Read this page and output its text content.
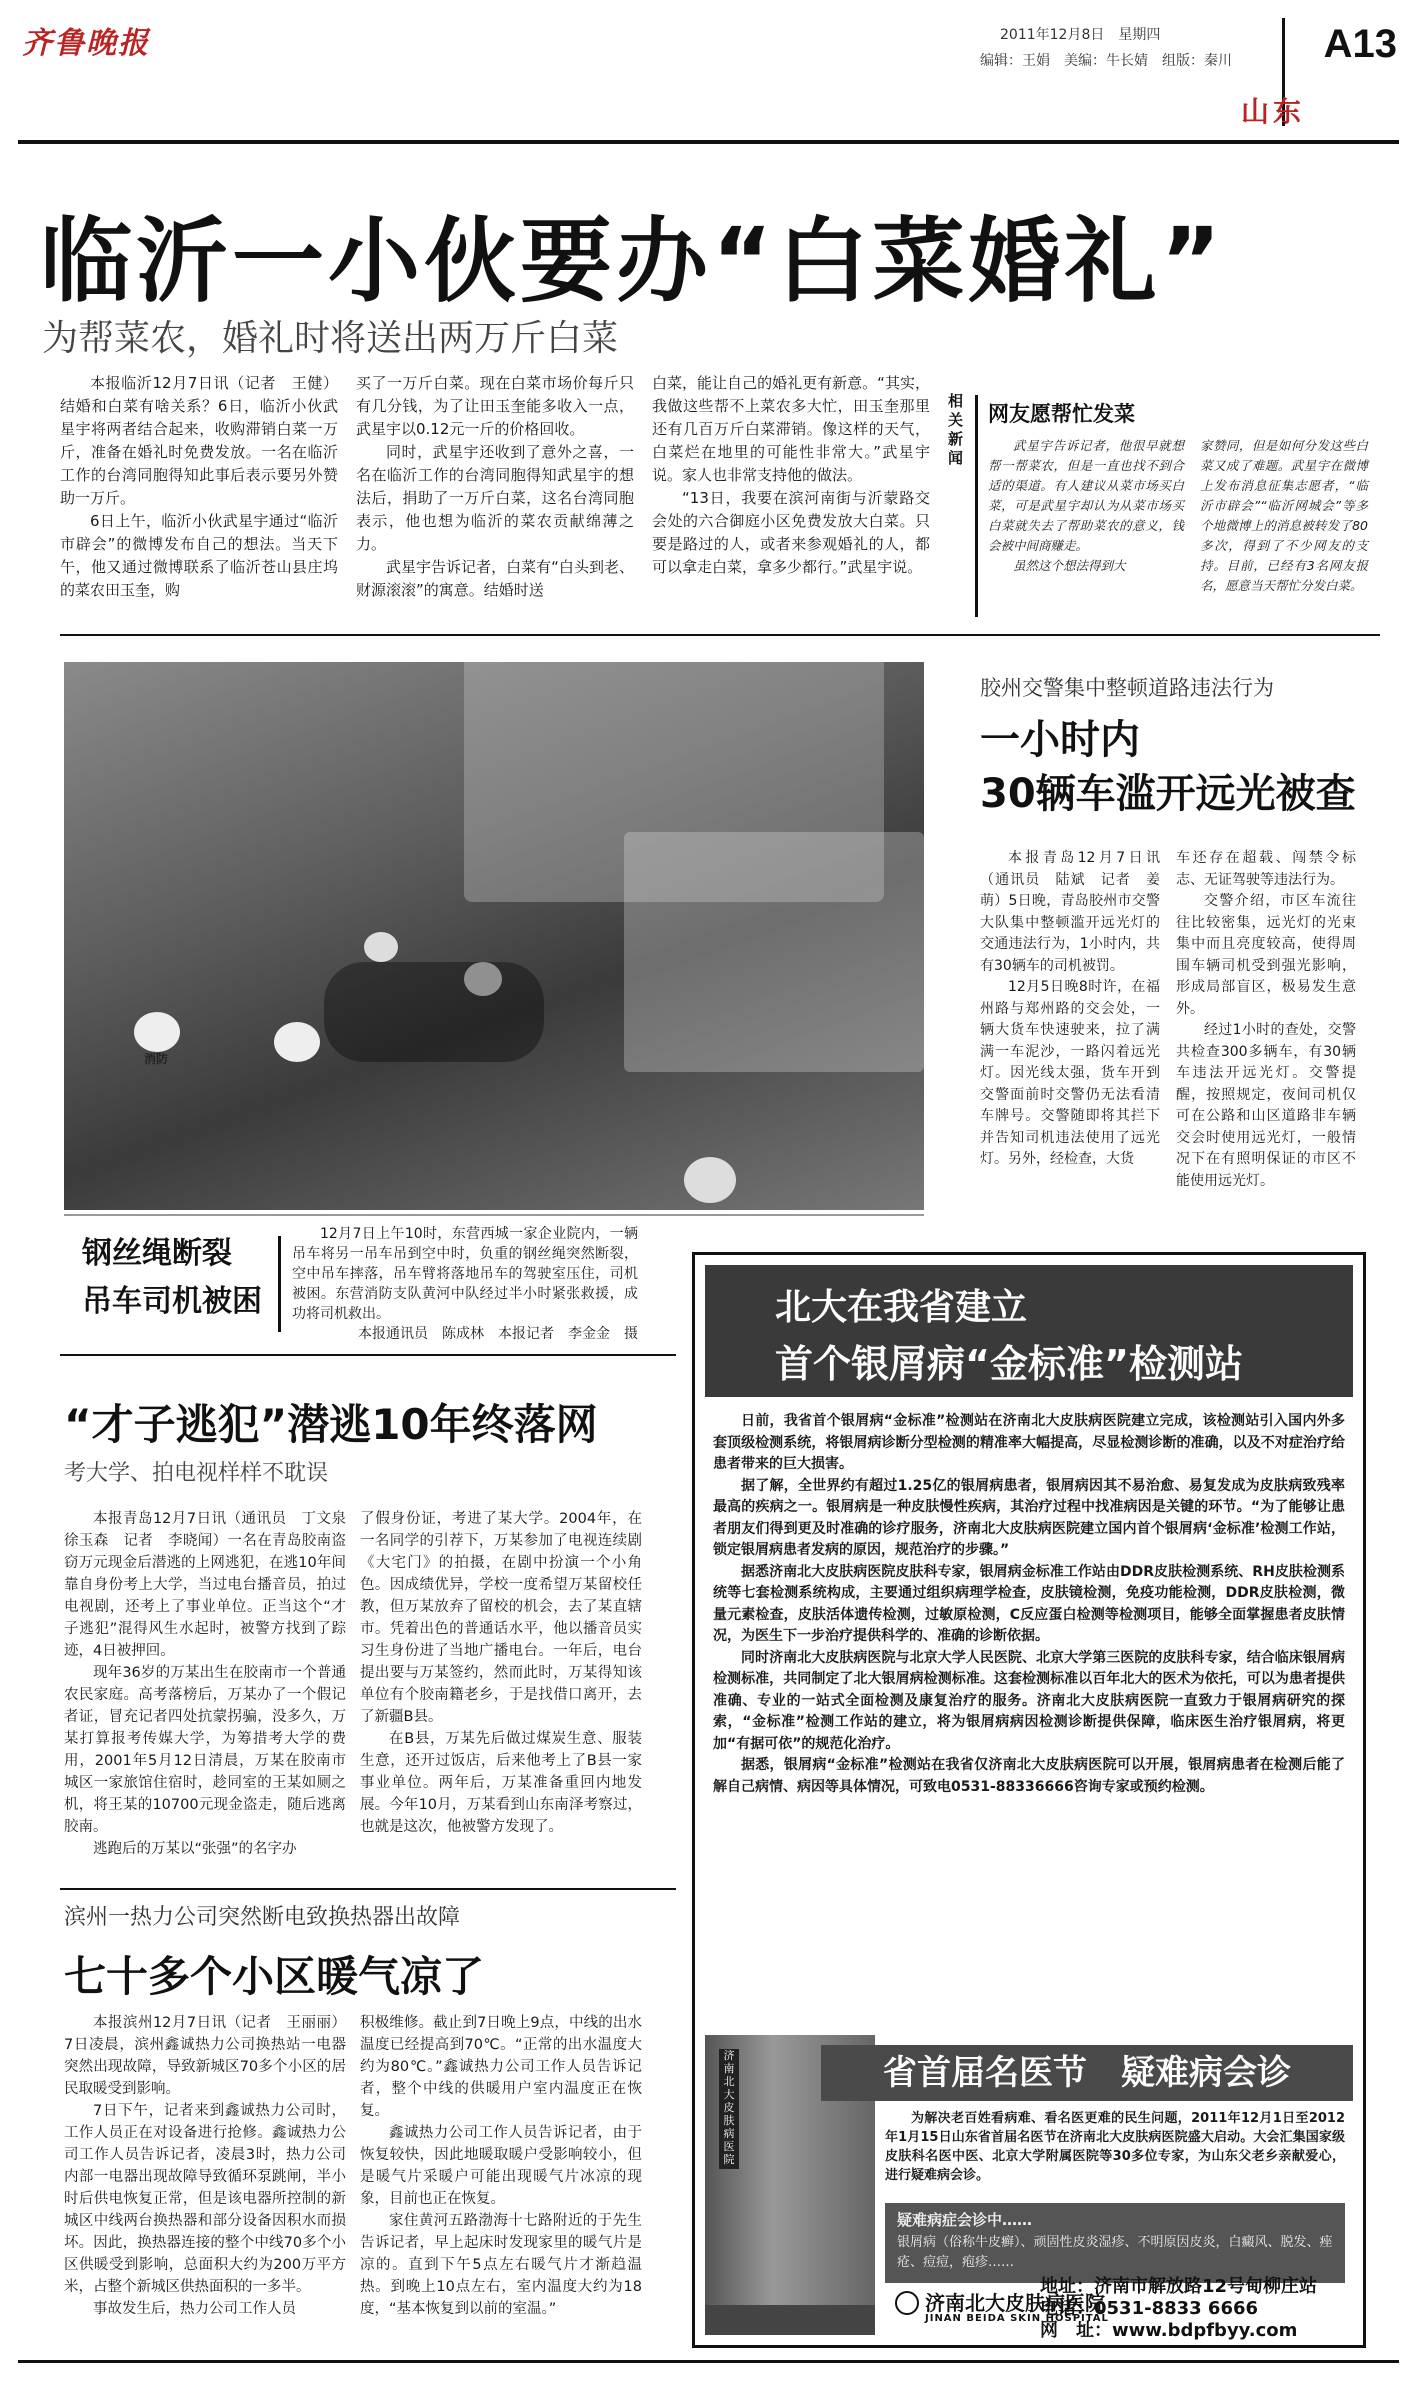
齐鲁晚报	2011年12月8日　星期四
编辑：王娟　美编：牛长婧　组版：秦川 A13
山东
临沂一小伙要办“白菜婚礼”
为帮菜农，婚礼时将送出两万斤白菜

本报临沂12月7日讯（记者　王健）结婚和白菜有啥关系？6日，临沂小伙武星宇将两者结合起来，收购滞销白菜一万斤，准备在婚礼时免费发放。一名在临沂工作的台湾同胞得知此事后表示要另外赞助一万斤。

6日上午，临沂小伙武星宇通过“临沂市辟会”的微博发布自己的想法。当天下午，他又通过微博联系了临沂苍山县庄坞的菜农田玉奎，购

买了一万斤白菜。现在白菜市场价每斤只有几分钱，为了让田玉奎能多收入一点，武星宇以0.12元一斤的价格回收。

同时，武星宇还收到了意外之喜，一名在临沂工作的台湾同胞得知武星宇的想法后，捐助了一万斤白菜，这名台湾同胞表示，他也想为临沂的菜农贡献绵薄之力。

武星宇告诉记者，白菜有“白头到老、财源滚滚”的寓意。结婚时送

白菜，能让自己的婚礼更有新意。“其实，我做这些帮不上菜农多大忙，田玉奎那里还有几百万斤白菜滞销。像这样的天气，白菜烂在地里的可能性非常大。”武星宇说。家人也非常支持他的做法。

“13日，我要在滨河南街与沂蒙路交会处的六合御庭小区免费发放大白菜。只要是路过的人，或者来参观婚礼的人，都可以拿走白菜，拿多少都行。”武星宇说。

相关新闻
网友愿帮忙发菜

武星宇告诉记者，他很早就想帮一帮菜农，但是一直也找不到合适的渠道。有人建议从菜市场买白菜，可是武星宇却认为从菜市场买白菜就失去了帮助菜农的意义，钱会被中间商赚走。

虽然这个想法得到大

家赞同，但是如何分发这些白菜又成了难题。武星宇在微博上发布消息征集志愿者，“临沂市辟会”“临沂网城会”等多个地微博上的消息被转发了80多次，得到了不少网友的支持。目前，已经有3名网友报名，愿意当天帮忙分发白菜。

消防
钢丝绳断裂
吊车司机被困

12月7日上午10时，东营西城一家企业院内，一辆吊车将另一吊车吊到空中时，负重的钢丝绳突然断裂，空中吊车摔落，吊车臂将落地吊车的驾驶室压住，司机被困。东营消防支队黄河中队经过半小时紧张救援，成功将司机救出。

本报通讯员　陈成林　本报记者　李金金　摄

胶州交警集中整顿道路违法行为
一小时内
30辆车滥开远光被查

本报青岛12月7日讯（通讯员　陆斌　记者　姜萌）5日晚，青岛胶州市交警大队集中整顿滥开远光灯的交通违法行为，1小时内，共有30辆车的司机被罚。

12月5日晚8时许，在福州路与郑州路的交会处，一辆大货车快速驶来，拉了满满一车泥沙，一路闪着远光灯。因光线太强，货车开到交警面前时交警仍无法看清车牌号。交警随即将其拦下并告知司机违法使用了远光灯。另外，经检查，大货

车还存在超载、闯禁令标志、无证驾驶等违法行为。

交警介绍，市区车流往往比较密集，远光灯的光束集中而且亮度较高，使得周围车辆司机受到强光影响，形成局部盲区，极易发生意外。

经过1小时的查处，交警共检查300多辆车，有30辆车违法开远光灯。交警提醒，按照规定，夜间司机仅可在公路和山区道路非车辆交会时使用远光灯，一般情况下在有照明保证的市区不能使用远光灯。

“才子逃犯”潜逃10年终落网
考大学、拍电视样样不耽误

本报青岛12月7日讯（通讯员　丁文泉　徐玉森　记者　李晓闻）一名在青岛胶南盗窃万元现金后潜逃的上网逃犯，在逃10年间靠自身份考上大学，当过电台播音员，拍过电视剧，还考上了事业单位。正当这个“才子逃犯”混得风生水起时，被警方找到了踪迹，4日被押回。

现年36岁的万某出生在胶南市一个普通农民家庭。高考落榜后，万某办了一个假记者证，冒充记者四处抗蒙拐骗，没多久，万某打算报考传媒大学，为筹措考大学的费用，2001年5月12日清晨，万某在胶南市城区一家旅馆住宿时，趁同室的王某如厕之机，将王某的10700元现金盗走，随后逃离胶南。

逃跑后的万某以“张强”的名字办

了假身份证，考进了某大学。2004年，在一名同学的引荐下，万某参加了电视连续剧《大宅门》的拍摄，在剧中扮演一个小角色。因成绩优异，学校一度希望万某留校任教，但万某放弃了留校的机会，去了某直辖市。凭着出色的普通话水平，他以播音员实习生身份进了当地广播电台。一年后，电台提出要与万某签约，然而此时，万某得知该单位有个胶南籍老乡，于是找借口离开，去了新疆B县。

在B县，万某先后做过煤炭生意、服装生意，还开过饭店，后来他考上了B县一家事业单位。两年后，万某准备重回内地发展。今年10月，万某看到山东南泽考察过，也就是这次，他被警方发现了。

滨州一热力公司突然断电致换热器出故障
七十多个小区暖气凉了

本报滨州12月7日讯（记者　王丽丽）7日凌晨，滨州鑫诚热力公司换热站一电器突然出现故障，导致新城区70多个小区的居民取暖受到影响。

7日下午，记者来到鑫诚热力公司时，工作人员正在对设备进行抢修。鑫诚热力公司工作人员告诉记者，凌晨3时，热力公司内部一电器出现故障导致循环泵跳闸，半小时后供电恢复正常，但是该电器所控制的新城区中线两台换热器和部分设备因积水而损坏。因此，换热器连接的整个中线70多个小区供暖受到影响，总面积大约为200万平方米，占整个新城区供热面积的一多半。

事故发生后，热力公司工作人员

积极维修。截止到7日晚上9点，中线的出水温度已经提高到70℃。“正常的出水温度大约为80℃。”鑫诚热力公司工作人员告诉记者，整个中线的供暖用户室内温度正在恢复。

鑫诚热力公司工作人员告诉记者，由于恢复较快，因此地暖取暖户受影响较小，但是暖气片采暖户可能出现暖气片冰凉的现象，目前也正在恢复。

家住黄河五路渤海十七路附近的于先生告诉记者，早上起床时发现家里的暖气片是凉的。直到下午5点左右暖气片才渐趋温热。到晚上10点左右，室内温度大约为18度，“基本恢复到以前的室温。”

北大在我省建立
首个银屑病“金标准”检测站

日前，我省首个银屑病“金标准”检测站在济南北大皮肤病医院建立完成，该检测站引入国内外多套顶级检测系统，将银屑病诊断分型检测的精准率大幅提高，尽显检测诊断的准确，以及不对症治疗给患者带来的巨大损害。

据了解，全世界约有超过1.25亿的银屑病患者，银屑病因其不易治愈、易复发成为皮肤病致残率最高的疾病之一。银屑病是一种皮肤慢性疾病，其治疗过程中找准病因是关键的环节。“为了能够让患者朋友们得到更及时准确的诊疗服务，济南北大皮肤病医院建立国内首个银屑病‘金标准’检测工作站，锁定银屑病患者发病的原因，规范治疗的步骤。”

据悉济南北大皮肤病医院皮肤科专家，银屑病金标准工作站由DDR皮肤检测系统、RH皮肤检测系统等七套检测系统构成，主要通过组织病理学检查，皮肤镜检测，免疫功能检测，DDR皮肤检测，微量元素检查，皮肤活体遗传检测，过敏原检测，C反应蛋白检测等检测项目，能够全面掌握患者皮肤情况，为医生下一步治疗提供科学的、准确的诊断依据。

同时济南北大皮肤病医院与北京大学人民医院、北京大学第三医院的皮肤科专家，结合临床银屑病检测标准，共同制定了北大银屑病检测标准。这套检测标准以百年北大的医术为依托，可以为患者提供准确、专业的一站式全面检测及康复治疗的服务。济南北大皮肤病医院一直致力于银屑病研究的探索，“金标准”检测工作站的建立，将为银屑病病因检测诊断提供保障，临床医生治疗银屑病，将更加“有据可依”的规范化治疗。

据悉，银屑病“金标准”检测站在我省仅济南北大皮肤病医院可以开展，银屑病患者在检测后能了解自己病情、病因等具体情况，可致电0531-88336666咨询专家或预约检测。

济南北大皮肤病医院
省首届名医节　疑难病会诊

为解决老百姓看病难、看名医更难的民生问题，2011年12月1日至2012年1月15日山东省首届名医节在济南北大皮肤病医院盛大启动。大会汇集国家级皮肤科名医中医、北京大学附属医院等30多位专家，为山东父老乡亲献爱心，进行疑难病会诊。

疑难病症会诊中……
银屑病（俗称牛皮癣）、顽固性皮炎湿疹、不明原因皮炎，白癜风、脱发、痤疮、痘痘，疱疹……
济南北大皮肤病医院
JINAN BEIDA SKIN HOSPITAL
地址：济南市解放路12号甸柳庄站
电话：0531-8833 6666
网　址：www.bdpfbyy.com
